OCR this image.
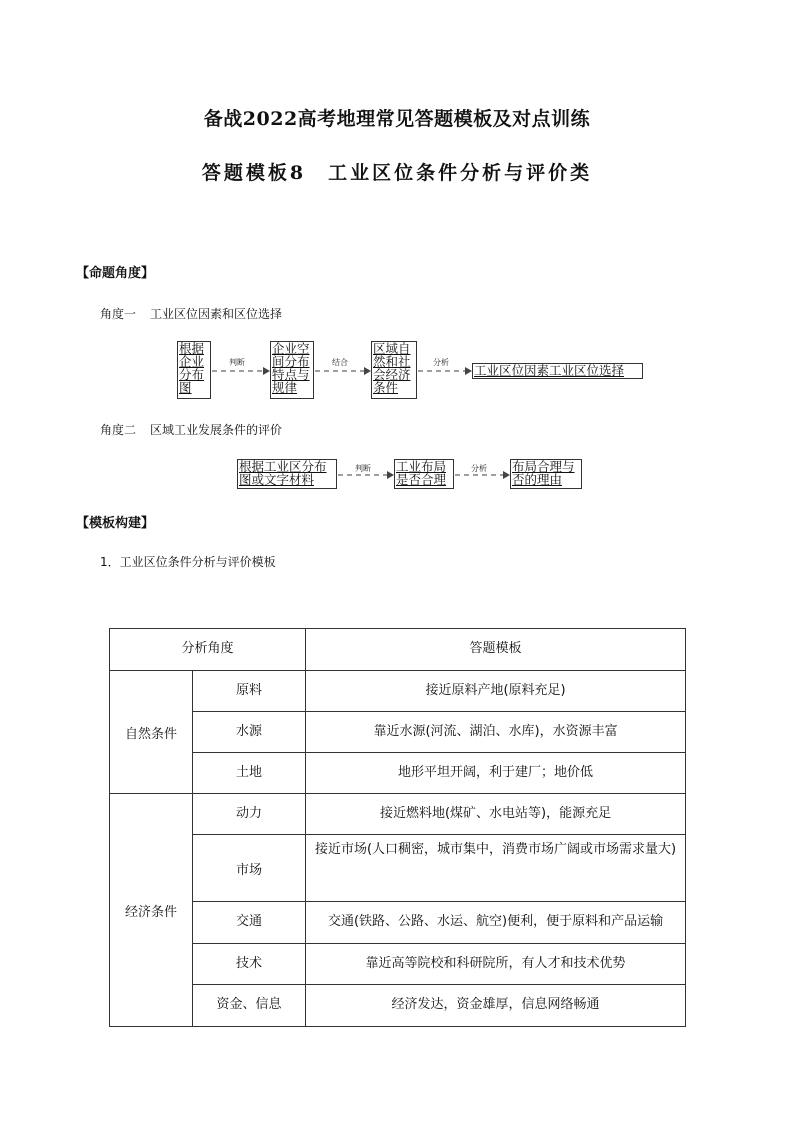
备战2022高考地理常见答题模板及对点训练
答题模板8　工业区位条件分析与评价类
【命题角度】
角度一 工业区位因素和区位选择
根据企业分布图
企业空间分布特点与规律
区域自然和社会经济条件
工业区位因素工业区位选择
判断	结合	分析
角度二 区域工业发展条件的评价
根据工业区分布图或文字材料
工业布局是否合理
布局合理与否的理由
判断	分析
【模板构建】
1．工业区位条件分析与评价模板
分析角度		答题模板
自然条件	原料	接近原料产地(原料充足)
	水源	靠近水源(河流、湖泊、水库)，水资源丰富
	土地	地形平坦开阔，利于建厂；地价低
经济条件	动力	接近燃料地(煤矿、水电站等)，能源充足
	市场	接近市场(人口稠密，城市集中，消费市场广阔或市场需求量大)
	交通	交通(铁路、公路、水运、航空)便利，便于原料和产品运输
	技术	靠近高等院校和科研院所，有人才和技术优势
	资金、信息	经济发达，资金雄厚，信息网络畅通
